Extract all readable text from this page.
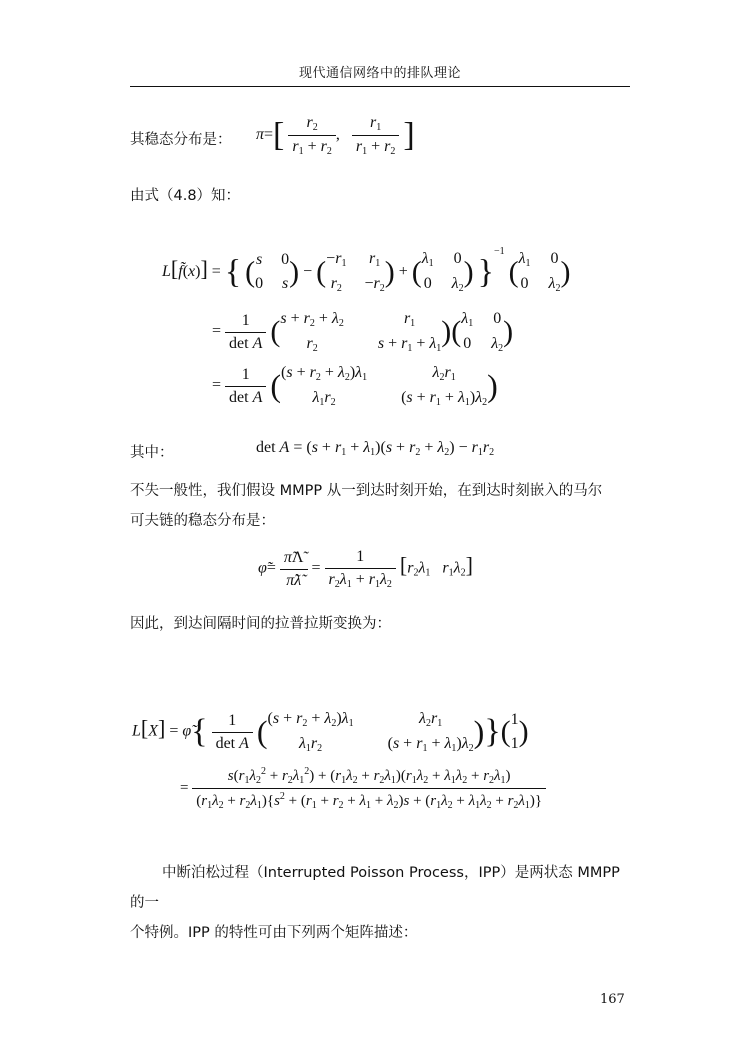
现代通信网络中的排队理论
其稳态分布是： $\pi=[ \frac{r_2}{r_1 + r_2}$ , $\frac{r_1}{r_1 + r_2}$ ]
由式（4.8）知：
L[f̃(x)] = { ( s 0
0 s ) − ( $-r_1$ $r_1$
$r_2 -r_2$
) + ( $\lambda_1$ 0
0 $\lambda_2$
) }$^{-1}$ ( $\lambda_1$ 0
0 $\lambda_2$
)
= $\frac{1}{\text{det A}}$ ( $s + r_2 + \lambda_2$	$r_1$
$r_2$	$s + r_1 + \lambda_1$
)( $\lambda_1$ 0
0 $\lambda_2$
)
= $\frac{1}{\text{det A}}$ ( $(s + r_2 + \lambda_2)\lambda_1$	$\lambda_2r_1$
$\lambda_1r_2$	$(s + r_1 + \lambda_1)\lambda_2$ )
其中：	$\det A = (s + r_1 + \lambda_1)(s + r_2 + \lambda_2) - r_1r_2$
不失一般性，我们假设 MMPP 从一到达时刻开始，在到达时刻嵌入的马尔
可夫链的稳态分布是：
φ̃= $\frac{\pĩ\Lambdã}{\pĩ\lambdã} = \frac{1}{r_2\lambda_1 + r_1\lambda_2} [r_2\lambda_1$ $r_1\lambda_2$]
因此，到达间隔时间的拉普拉斯变换为：
L[X] = φ̃{ $\frac{1}{\text{det A}}$ ( $(s + r_2 + \lambda_2)\lambda_1$	$\lambda_2r_1$
$\lambda_1r_2$	$(s + r_1 + \lambda_1)\lambda_2$ )}( 1
1 )
=
$s(r_1\lambda_2^2 + r_2\lambda_1^2) + (r_1\lambda_2 + r_2\lambda_1)(r_1\lambda_2 + \lambda_1\lambda_2 + r_2\lambda_1)$
$(r_1\lambda_2 + r_2\lambda_1)\{s^2 + (r_1 + r_2 + \lambda_1 + \lambda_2)s + (r_1\lambda_2 + \lambda_1\lambda_2 + r_2\lambda_1)\}$
中断泊松过程（Interrupted Poisson Process，IPP）是两状态 MMPP 的一
个特例。IPP 的特性可由下列两个矩阵描述：
167
